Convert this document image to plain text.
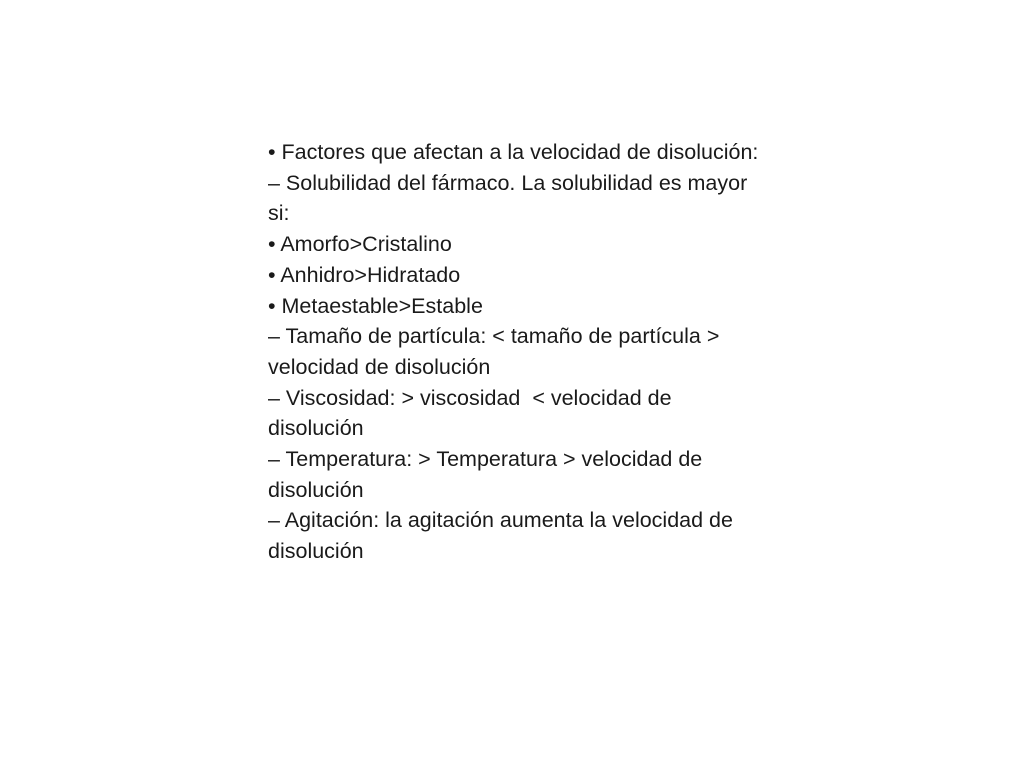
• Factores que afectan a la velocidad de disolución:

– Solubilidad del fármaco. La solubilidad es mayor si:

• Amorfo>Cristalino

• Anhidro>Hidratado

• Metaestable>Estable

– Tamaño de partícula: < tamaño de partícula > velocidad de disolución

– Viscosidad: > viscosidad  < velocidad de disolución

– Temperatura: > Temperatura > velocidad de disolución

– Agitación: la agitación aumenta la velocidad de disolución
